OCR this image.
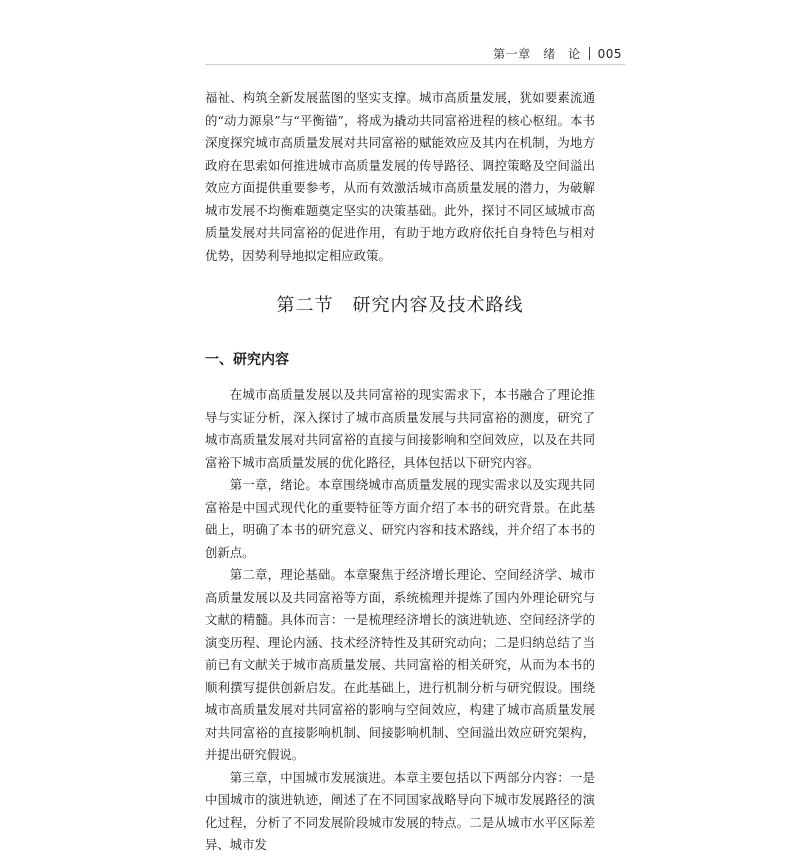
第一章　绪　论 005

福祉、构筑全新发展蓝图的坚实支撑。城市高质量发展，犹如要素流通的“动力源泉”与“平衡锚”，将成为撬动共同富裕进程的核心枢纽。本书深度探究城市高质量发展对共同富裕的赋能效应及其内在机制，为地方政府在思索如何推进城市高质量发展的传导路径、调控策略及空间溢出效应方面提供重要参考，从而有效激活城市高质量发展的潜力，为破解城市发展不均衡难题奠定坚实的决策基础。此外，探讨不同区域城市高质量发展对共同富裕的促进作用，有助于地方政府依托自身特色与相对优势，因势利导地拟定相应政策。

第二节　研究内容及技术路线
一、研究内容

在城市高质量发展以及共同富裕的现实需求下，本书融合了理论推导与实证分析，深入探讨了城市高质量发展与共同富裕的测度，研究了城市高质量发展对共同富裕的直接与间接影响和空间效应，以及在共同富裕下城市高质量发展的优化路径，具体包括以下研究内容。

第一章，绪论。本章围绕城市高质量发展的现实需求以及实现共同富裕是中国式现代化的重要特征等方面介绍了本书的研究背景。在此基础上，明确了本书的研究意义、研究内容和技术路线，并介绍了本书的创新点。

第二章，理论基础。本章聚焦于经济增长理论、空间经济学、城市高质量发展以及共同富裕等方面，系统梳理并提炼了国内外理论研究与文献的精髓。具体而言：一是梳理经济增长的演进轨迹、空间经济学的演变历程、理论内涵、技术经济特性及其研究动向；二是归纳总结了当前已有文献关于城市高质量发展、共同富裕的相关研究，从而为本书的顺利撰写提供创新启发。在此基础上，进行机制分析与研究假设。围绕城市高质量发展对共同富裕的影响与空间效应，构建了城市高质量发展对共同富裕的直接影响机制、间接影响机制、空间溢出效应研究架构，并提出研究假说。

第三章，中国城市发展演进。本章主要包括以下两部分内容：一是中国城市的演进轨迹，阐述了在不同国家战略导向下城市发展路径的演化过程，分析了不同发展阶段城市发展的特点。二是从城市水平区际差异、城市发
